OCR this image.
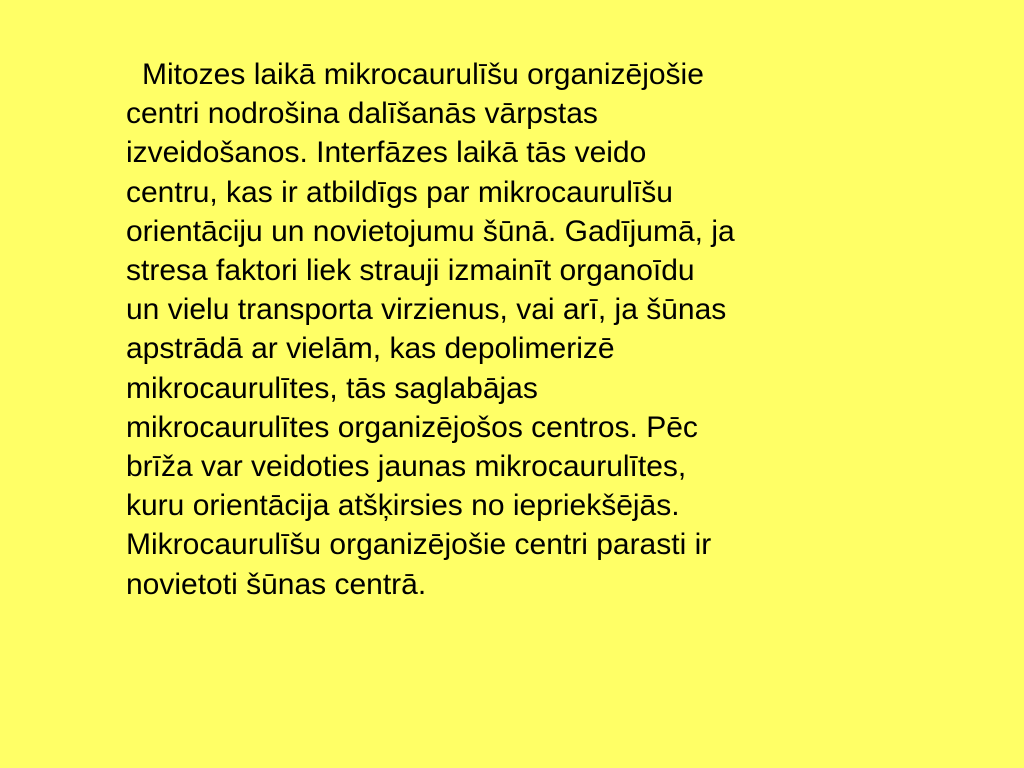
Mitozes laikā mikrocaurulīšu organizējošie
centri nodrošina dalīšanās vārpstas
izveidošanos. Interfāzes laikā tās veido
centru, kas ir atbildīgs par mikrocaurulīšu
orientāciju un novietojumu šūnā. Gadījumā, ja
stresa faktori liek strauji izmainīt organoīdu
un vielu transporta virzienus, vai arī, ja šūnas
apstrādā ar vielām, kas depolimerizē
mikrocaurulītes, tās saglabājas
mikrocaurulītes organizējošos centros. Pēc
brīža var veidoties jaunas mikrocaurulītes,
kuru orientācija atšķirsies no iepriekšējās.
Mikrocaurulīšu organizējošie centri parasti ir
novietoti šūnas centrā.
